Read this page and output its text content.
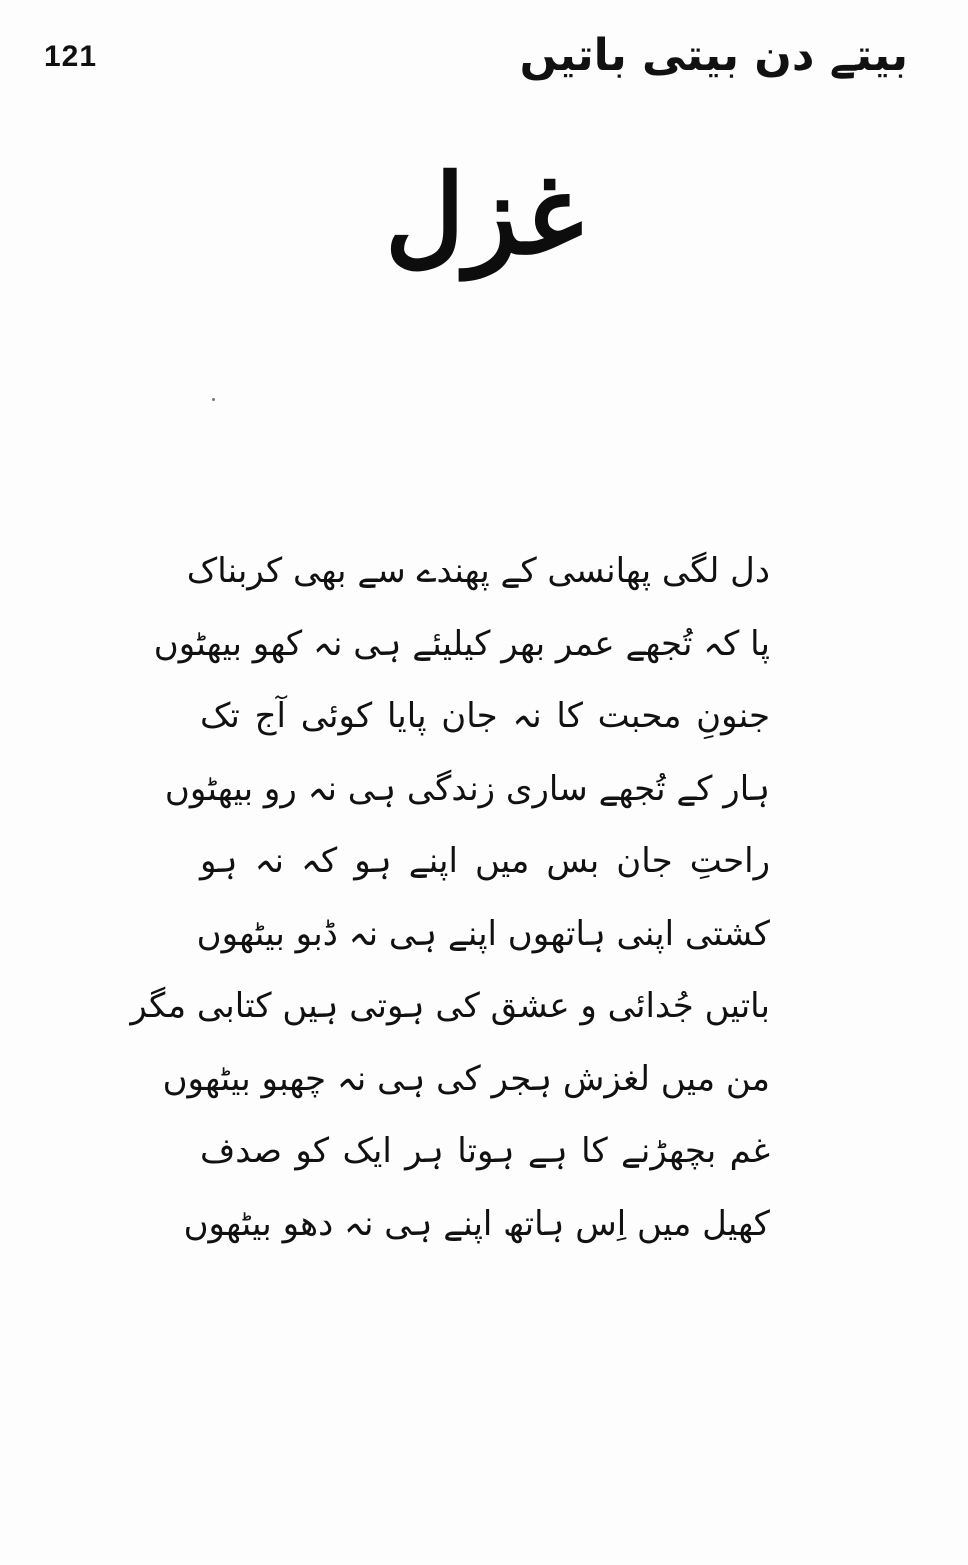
121	بیتے دن بیتی باتیں
غزل
دل لگی پھانسی کے پھندے سے بھی کربناک
پا کہ تُجھے عمر بھر کیلیئے ہی نہ کھو بیھٹوں
جنونِ محبت کا نہ جان پایا کوئی آج تک
ہار کے تُجھے ساری زندگی ہی نہ رو بیھٹوں
راحتِ جان بس میں اپنے ہو کہ نہ ہو
کشتی اپنی ہاتھوں اپنے ہی نہ ڈبو بیٹھوں
باتیں جُدائی و عشق کی ہوتی ہیں کتابی مگر
من میں لغزش ہجر کی ہی نہ چھبو بیٹھوں
غم بچھڑنے کا ہے ہوتا ہر ایک کو صدف
کھیل میں اِس ہاتھ اپنے ہی نہ دھو بیٹھوں
